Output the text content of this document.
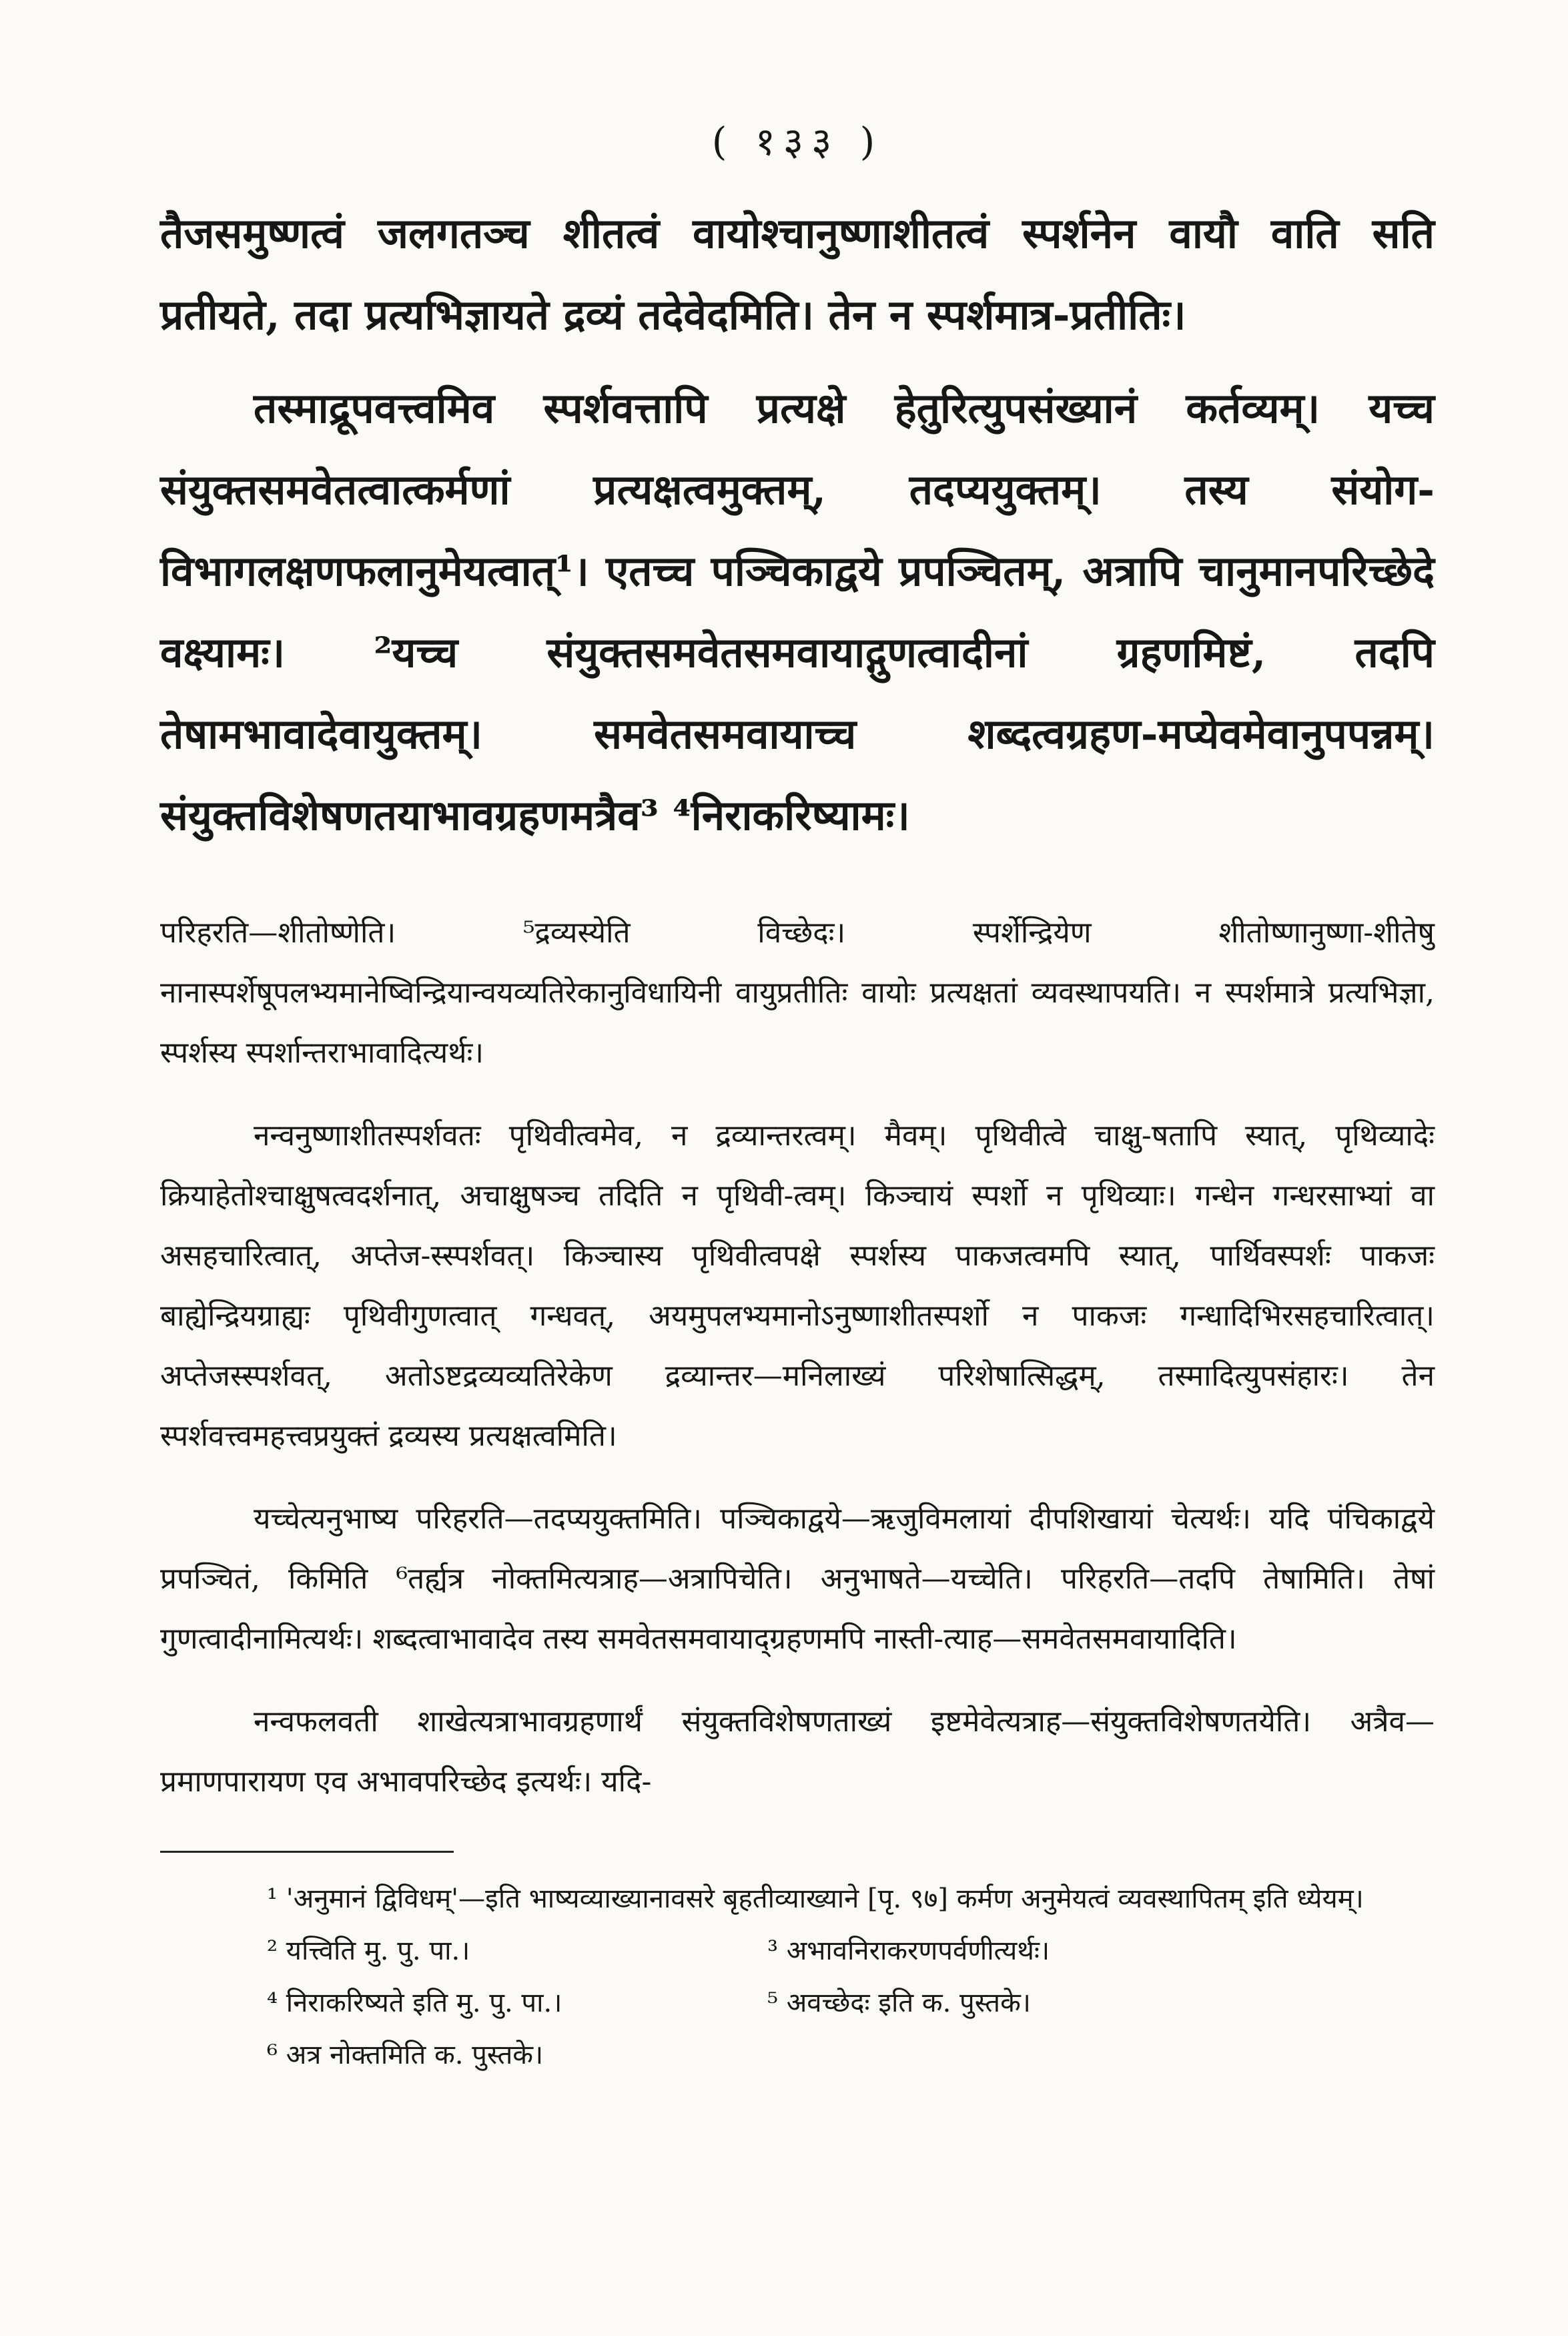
( १३३ )

तैजसमुष्णत्वं जलगतञ्च शीतत्वं वायोश्चानुष्णाशीतत्वं स्पर्शनेन वायौ वाति सति प्रतीयते, तदा प्रत्यभिज्ञायते द्रव्यं तदेवेदमिति। तेन न स्पर्शमात्र-प्रतीतिः।

तस्माद्रूपवत्त्वमिव स्पर्शवत्तापि प्रत्यक्षे हेतुरित्युपसंख्यानं कर्तव्यम्। यच्च संयुक्तसमवेतत्वात्कर्मणां प्रत्यक्षत्वमुक्तम्, तदप्ययुक्तम्। तस्य संयोग-विभागलक्षणफलानुमेयत्वात्¹। एतच्च पञ्चिकाद्वये प्रपञ्चितम्, अत्रापि चानुमानपरिच्छेदे वक्ष्यामः। ²यच्च संयुक्तसमवेतसमवायाद्गुणत्वादीनां ग्रहणमिष्टं, तदपि तेषामभावादेवायुक्तम्। समवेतसमवायाच्च शब्दत्वग्रहण-मप्येवमेवानुपपन्नम्। संयुक्तविशेषणतयाभावग्रहणमत्रैव³ ⁴निराकरिष्यामः।

परिहरति—शीतोष्णेति। ⁵द्रव्यस्येति विच्छेदः। स्पर्शेन्द्रियेण शीतोष्णानुष्णा-शीतेषु नानास्पर्शेषूपलभ्यमानेष्विन्द्रियान्वयव्यतिरेकानुविधायिनी वायुप्रतीतिः वायोः प्रत्यक्षतां व्यवस्थापयति। न स्पर्शमात्रे प्रत्यभिज्ञा, स्पर्शस्य स्पर्शान्तराभावादित्यर्थः।

नन्वनुष्णाशीतस्पर्शवतः पृथिवीत्वमेव, न द्रव्यान्तरत्वम्। मैवम्। पृथिवीत्वे चाक्षु-षतापि स्यात्, पृथिव्यादेः क्रियाहेतोश्चाक्षुषत्वदर्शनात्, अचाक्षुषञ्च तदिति न पृथिवी-त्वम्। किञ्चायं स्पर्शो न पृथिव्याः। गन्धेन गन्धरसाभ्यां वा असहचारित्वात्, अप्तेज-स्स्पर्शवत्। किञ्चास्य पृथिवीत्वपक्षे स्पर्शस्य पाकजत्वमपि स्यात्, पार्थिवस्पर्शः पाकजः बाह्येन्द्रियग्राह्यः पृथिवीगुणत्वात् गन्धवत्, अयमुपलभ्यमानोऽनुष्णाशीतस्पर्शो न पाकजः गन्धादिभिरसहचारित्वात्। अप्तेजस्स्पर्शवत्, अतोऽष्टद्रव्यव्यतिरेकेण द्रव्यान्तर—मनिलाख्यं परिशेषात्सिद्धम्, तस्मादित्युपसंहारः। तेन स्पर्शवत्त्वमहत्त्वप्रयुक्तं द्रव्यस्य प्रत्यक्षत्वमिति।

यच्चेत्यनुभाष्य परिहरति—तदप्ययुक्तमिति। पञ्चिकाद्वये—ऋजुविमलायां दीपशिखायां चेत्यर्थः। यदि पंचिकाद्वये प्रपञ्चितं, किमिति ⁶तर्ह्यत्र नोक्तमित्यत्राह—अत्रापिचेति। अनुभाषते—यच्चेति। परिहरति—तदपि तेषामिति। तेषां गुणत्वादीनामित्यर्थः। शब्दत्वाभावादेव तस्य समवेतसमवायाद्ग्रहणमपि नास्ती-त्याह—समवेतसमवायादिति।

नन्वफलवती शाखेत्यत्राभावग्रहणार्थं संयुक्तविशेषणताख्यं इष्टमेवेत्यत्राह—संयुक्तविशेषणतयेति। अत्रैव—प्रमाणपारायण एव अभावपरिच्छेद इत्यर्थः। यदि-

¹ 'अनुमानं द्विविधम्'—इति भाष्यव्याख्यानावसरे बृहतीव्याख्याने [पृ. ९७] कर्मण अनुमेयत्वं व्यवस्थापितम् इति ध्येयम्।

² यत्त्विति मु. पु. पा.।	³ अभावनिराकरणपर्वणीत्यर्थः।
⁴ निराकरिष्यते इति मु. पु. पा.।	⁵ अवच्छेदः इति क. पुस्तके।
⁶ अत्र नोक्तमिति क. पुस्तके।
